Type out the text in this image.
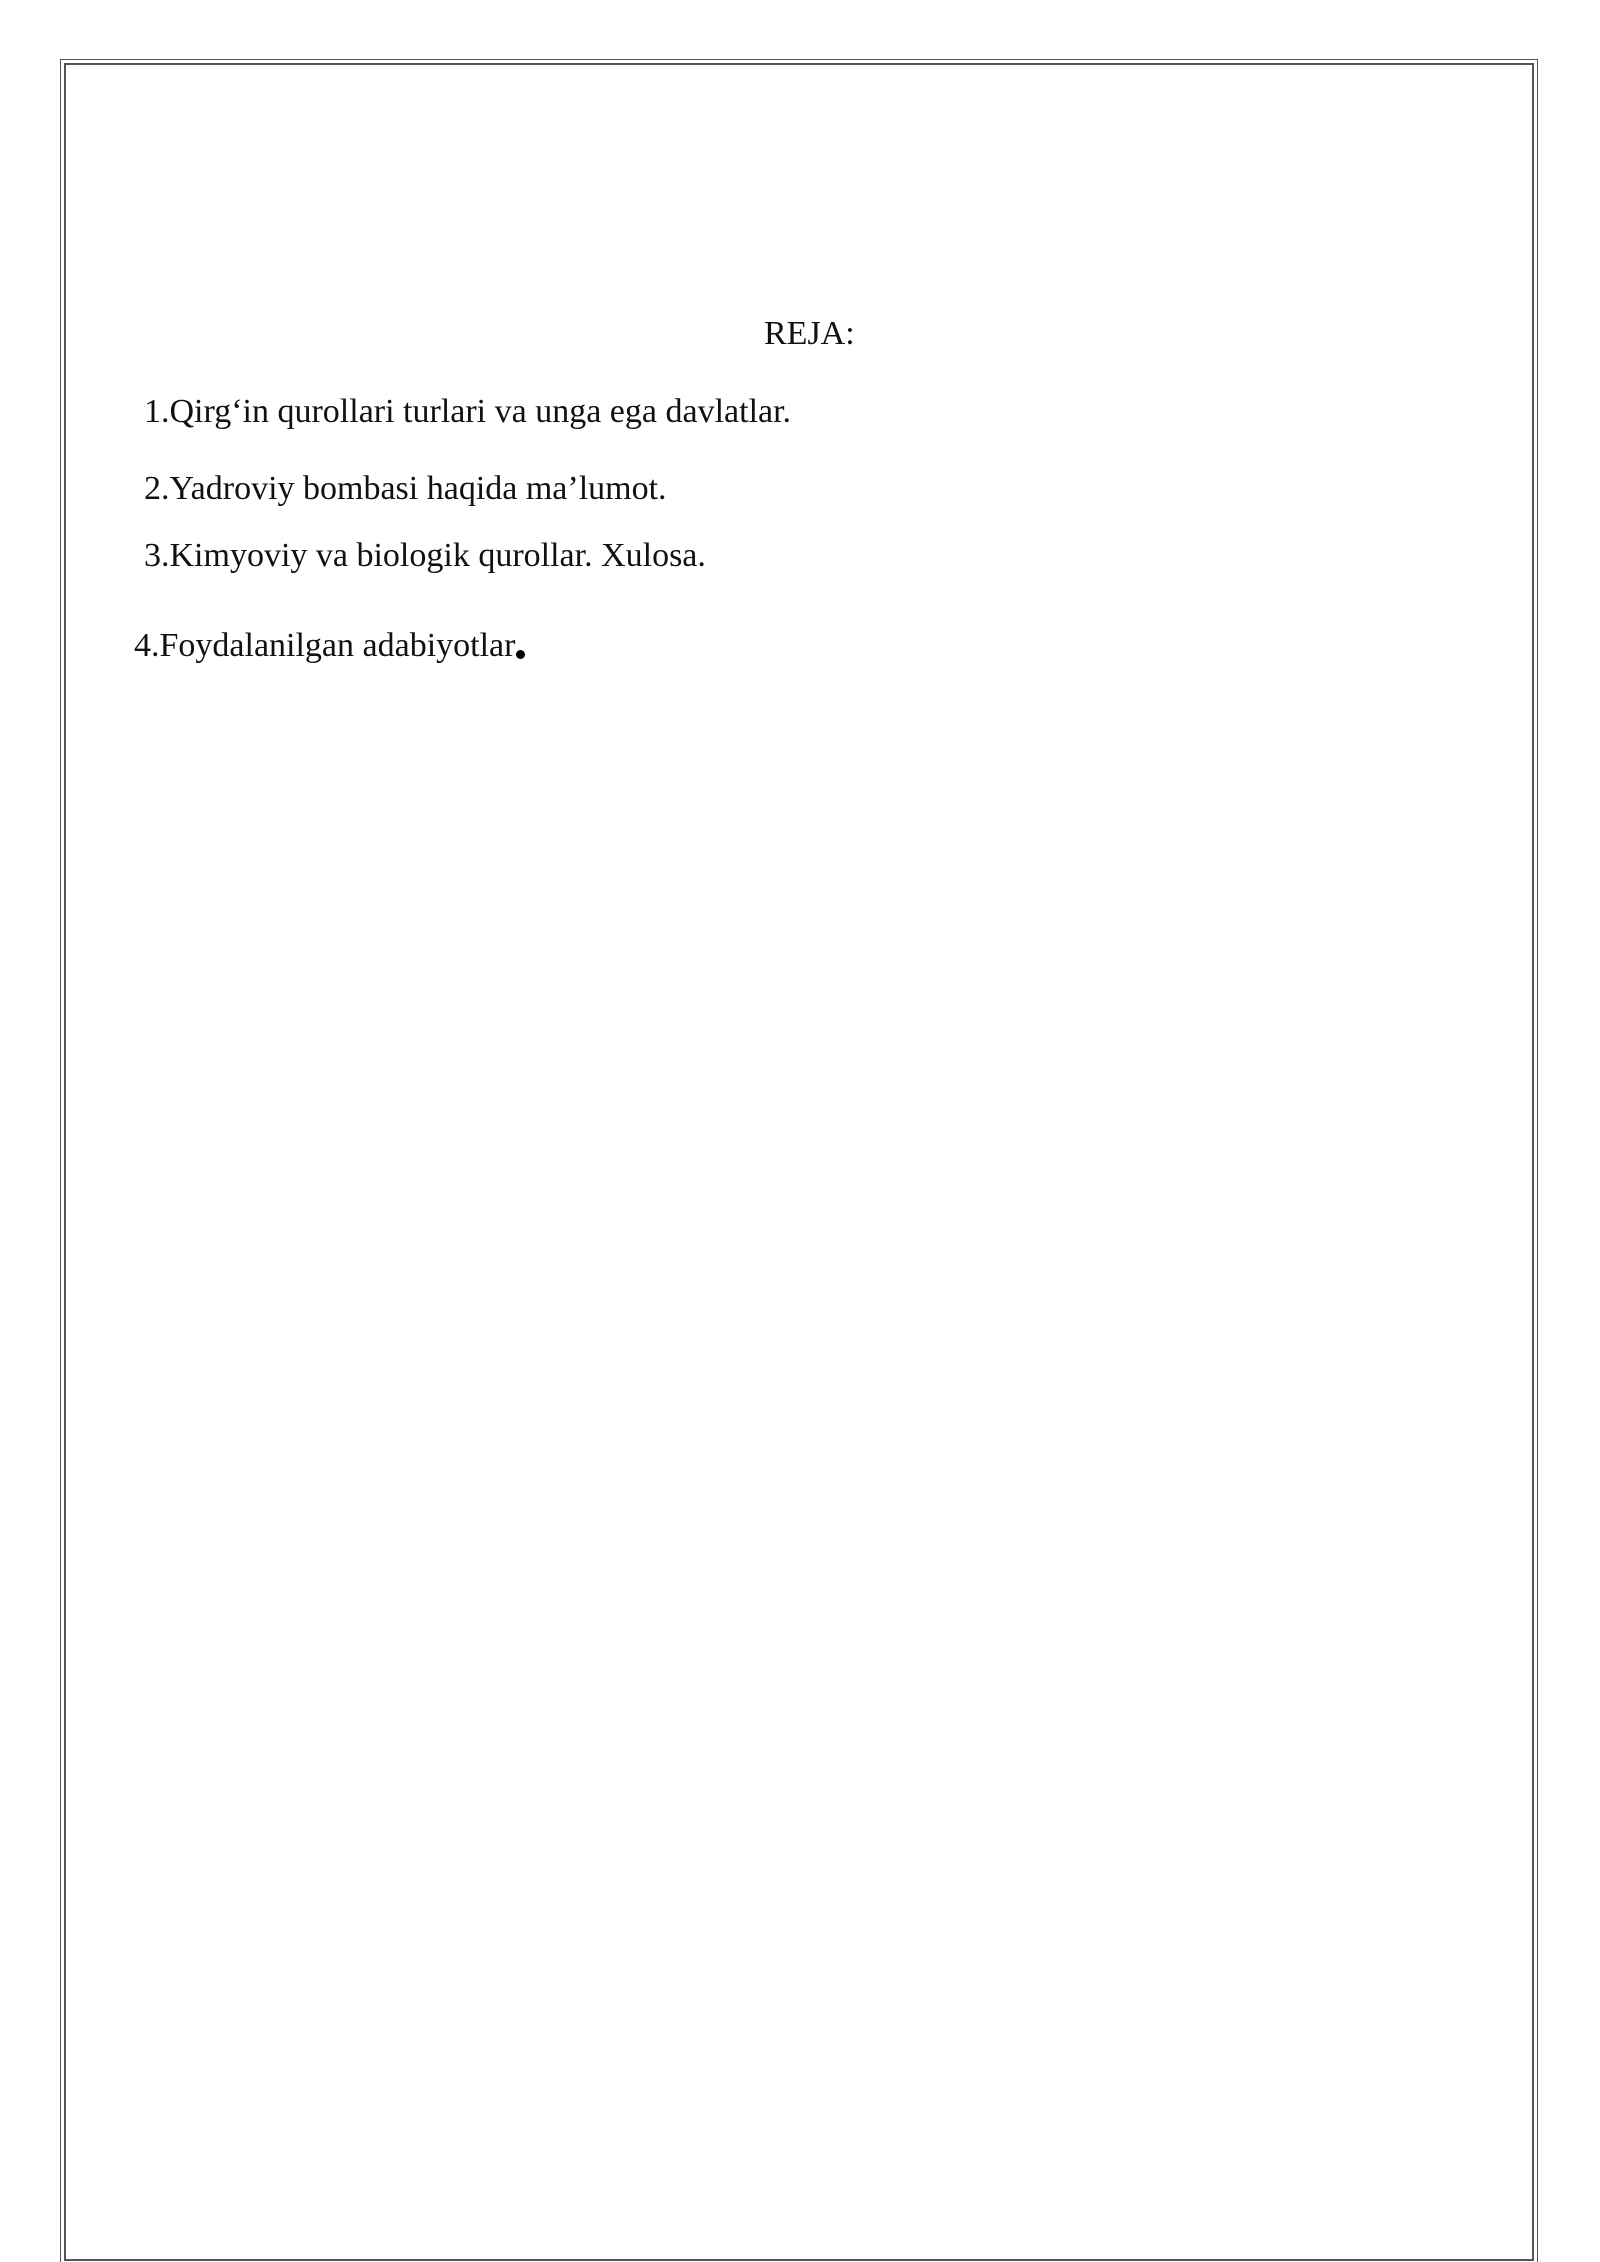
REJA:
1.Qirg‘in qurollari turlari va unga ega davlatlar.
2.Yadroviy bombasi haqida ma’lumot.
3.Kimyoviy va biologik qurollar. Xulosa.
4.Foydalanilgan adabiyotlar
